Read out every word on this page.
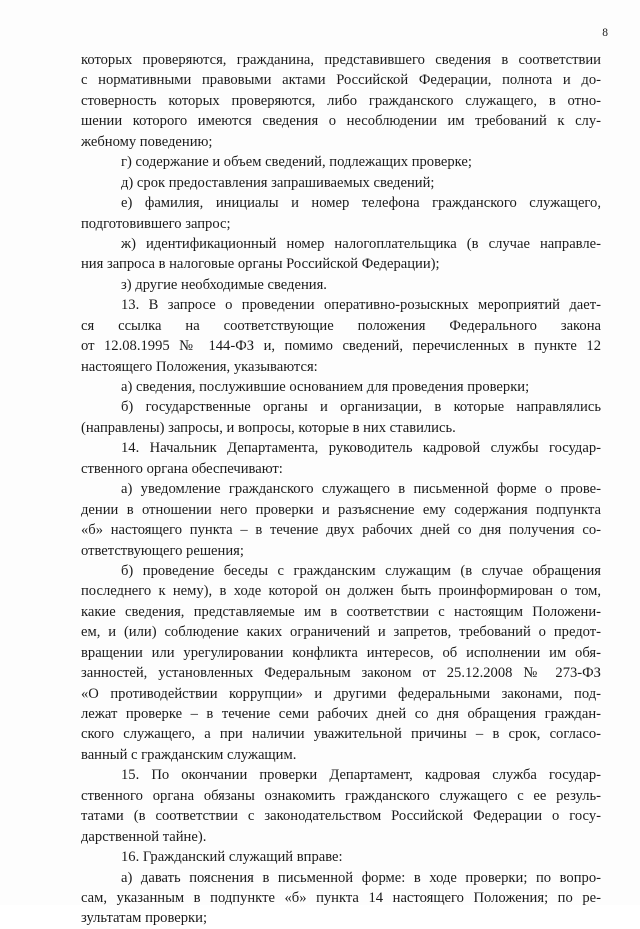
8
которых проверяются, гражданина, представившего сведения в соответствии
с нормативными правовыми актами Российской Федерации, полнота и до-
стоверность которых проверяются, либо гражданского служащего, в отно-
шении которого имеются сведения о несоблюдении им требований к слу-
жебному поведению;
г) содержание и объем сведений, подлежащих проверке;
д) срок предоставления запрашиваемых сведений;
е) фамилия, инициалы и номер телефона гражданского служащего,
подготовившего запрос;
ж) идентификационный номер налогоплательщика (в случае направле-
ния запроса в налоговые органы Российской Федерации);
з) другие необходимые сведения.
13. В запросе о проведении оперативно-розыскных мероприятий дает-
ся ссылка на соответствующие положения Федерального закона
от 12.08.1995 № 144-ФЗ и, помимо сведений, перечисленных в пункте 12
настоящего Положения, указываются:
а) сведения, послужившие основанием для проведения проверки;
б) государственные органы и организации, в которые направлялись
(направлены) запросы, и вопросы, которые в них ставились.
14. Начальник Департамента, руководитель кадровой службы государ-
ственного органа обеспечивают:
а) уведомление гражданского служащего в письменной форме о прове-
дении в отношении него проверки и разъяснение ему содержания подпункта
«б» настоящего пункта – в течение двух рабочих дней со дня получения со-
ответствующего решения;
б) проведение беседы с гражданским служащим (в случае обращения
последнего к нему), в ходе которой он должен быть проинформирован о том,
какие сведения, представляемые им в соответствии с настоящим Положени-
ем, и (или) соблюдение каких ограничений и запретов, требований о предот-
вращении или урегулировании конфликта интересов, об исполнении им обя-
занностей, установленных Федеральным законом от 25.12.2008 № 273-ФЗ
«О противодействии коррупции» и другими федеральными законами, под-
лежат проверке – в течение семи рабочих дней со дня обращения граждан-
ского служащего, а при наличии уважительной причины – в срок, согласо-
ванный с гражданским служащим.
15. По окончании проверки Департамент, кадровая служба государ-
ственного органа обязаны ознакомить гражданского служащего с ее резуль-
татами (в соответствии с законодательством Российской Федерации о госу-
дарственной тайне).
16. Гражданский служащий вправе:
а) давать пояснения в письменной форме: в ходе проверки; по вопро-
сам, указанным в подпункте «б» пункта 14 настоящего Положения; по ре-
зультатам проверки;
